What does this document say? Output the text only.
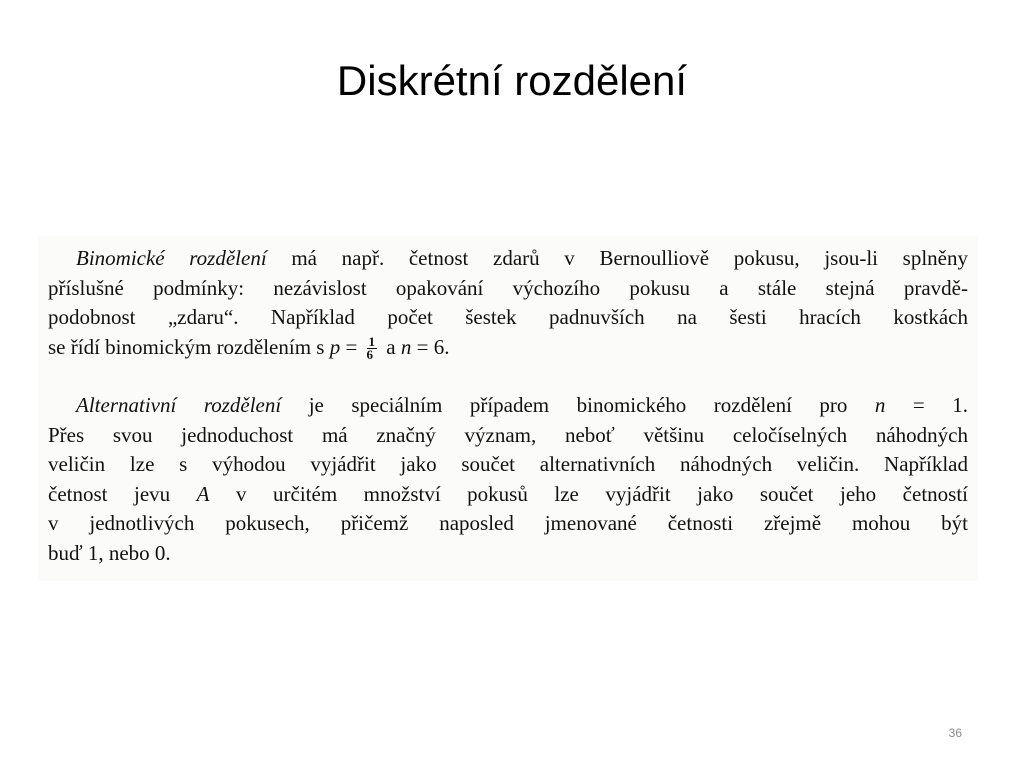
Diskrétní rozdělení
Binomické rozdělení má např. četnost zdarů v Bernoulliově pokusu, jsou-li splněny
příslušné podmínky: nezávislost opakování výchozího pokusu a stále stejná pravdě-
podobnost „zdaru“. Například počet šestek padnuvších na šesti hracích kostkách
se řídí binomickým rozdělením s $p = \frac{1}{6}$ a n = 6.
Alternativní rozdělení je speciálním případem binomického rozdělení pro n = 1.
Přes svou jednoduchost má značný význam, neboť většinu celočíselných náhodných
veličin lze s výhodou vyjádřit jako součet alternativních náhodných veličin. Například
četnost jevu A v určitém množství pokusů lze vyjádřit jako součet jeho četností
v jednotlivých pokusech, přičemž naposled jmenované četnosti zřejmě mohou být
buď 1, nebo 0.
36
